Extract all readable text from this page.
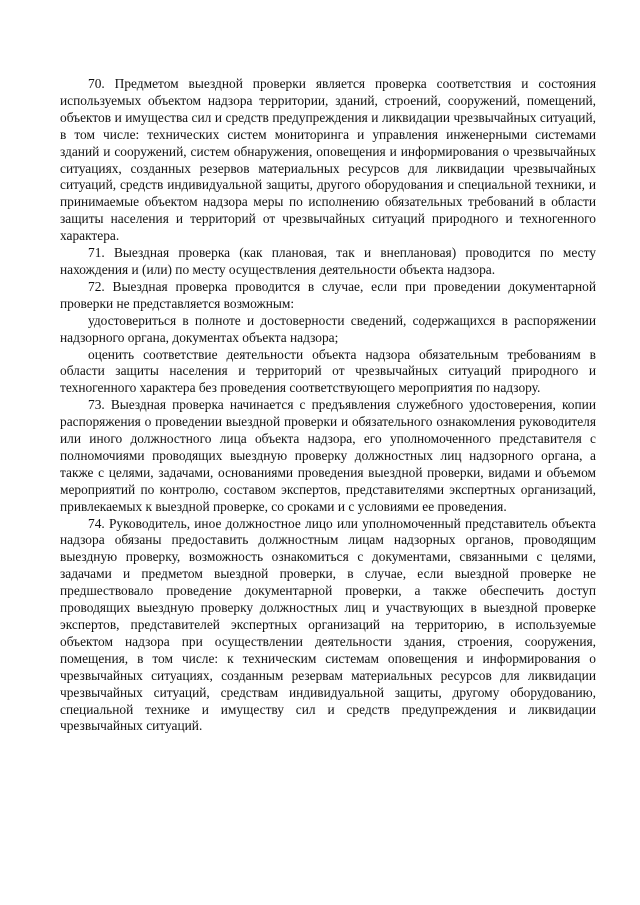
70. Предметом выездной проверки является проверка соответствия и состояния используемых объектом надзора территории, зданий, строений, сооружений, помещений, объектов и имущества сил и средств предупреждения и ликвидации чрезвычайных ситуаций, в том числе: технических систем мониторинга и управления инженерными системами зданий и сооружений, систем обнаружения, оповещения и информирования о чрезвычайных ситуациях, созданных резервов материальных ресурсов для ликвидации чрезвычайных ситуаций, средств индивидуальной защиты, другого оборудования и специальной техники, и принимаемые объектом надзора меры по исполнению обязательных требований в области защиты населения и территорий от чрезвычайных ситуаций природного и техногенного характера.

71. Выездная проверка (как плановая, так и внеплановая) проводится по месту нахождения и (или) по месту осуществления деятельности объекта надзора.

72. Выездная проверка проводится в случае, если при проведении документарной проверки не представляется возможным:

удостовериться в полноте и достоверности сведений, содержащихся в распоряжении надзорного органа, документах объекта надзора;

оценить соответствие деятельности объекта надзора обязательным требованиям в области защиты населения и территорий от чрезвычайных ситуаций природного и техногенного характера без проведения соответствующего мероприятия по надзору.

73. Выездная проверка начинается с предъявления служебного удостоверения, копии распоряжения о проведении выездной проверки и обязательного ознакомления руководителя или иного должностного лица объекта надзора, его уполномоченного представителя с полномочиями проводящих выездную проверку должностных лиц надзорного органа, а также с целями, задачами, основаниями проведения выездной проверки, видами и объемом мероприятий по контролю, составом экспертов, представителями экспертных организаций, привлекаемых к выездной проверке, со сроками и с условиями ее проведения.

74. Руководитель, иное должностное лицо или уполномоченный представитель объекта надзора обязаны предоставить должностным лицам надзорных органов, проводящим выездную проверку, возможность ознакомиться с документами, связанными с целями, задачами и предметом выездной проверки, в случае, если выездной проверке не предшествовало проведение документарной проверки, а также обеспечить доступ проводящих выездную проверку должностных лиц и участвующих в выездной проверке экспертов, представителей экспертных организаций на территорию, в используемые объектом надзора при осуществлении деятельности здания, строения, сооружения, помещения, в том числе: к техническим системам оповещения и информирования о чрезвычайных ситуациях, созданным резервам материальных ресурсов для ликвидации чрезвычайных ситуаций, средствам индивидуальной защиты, другому оборудованию, специальной технике и имуществу сил и средств предупреждения и ликвидации чрезвычайных ситуаций.
